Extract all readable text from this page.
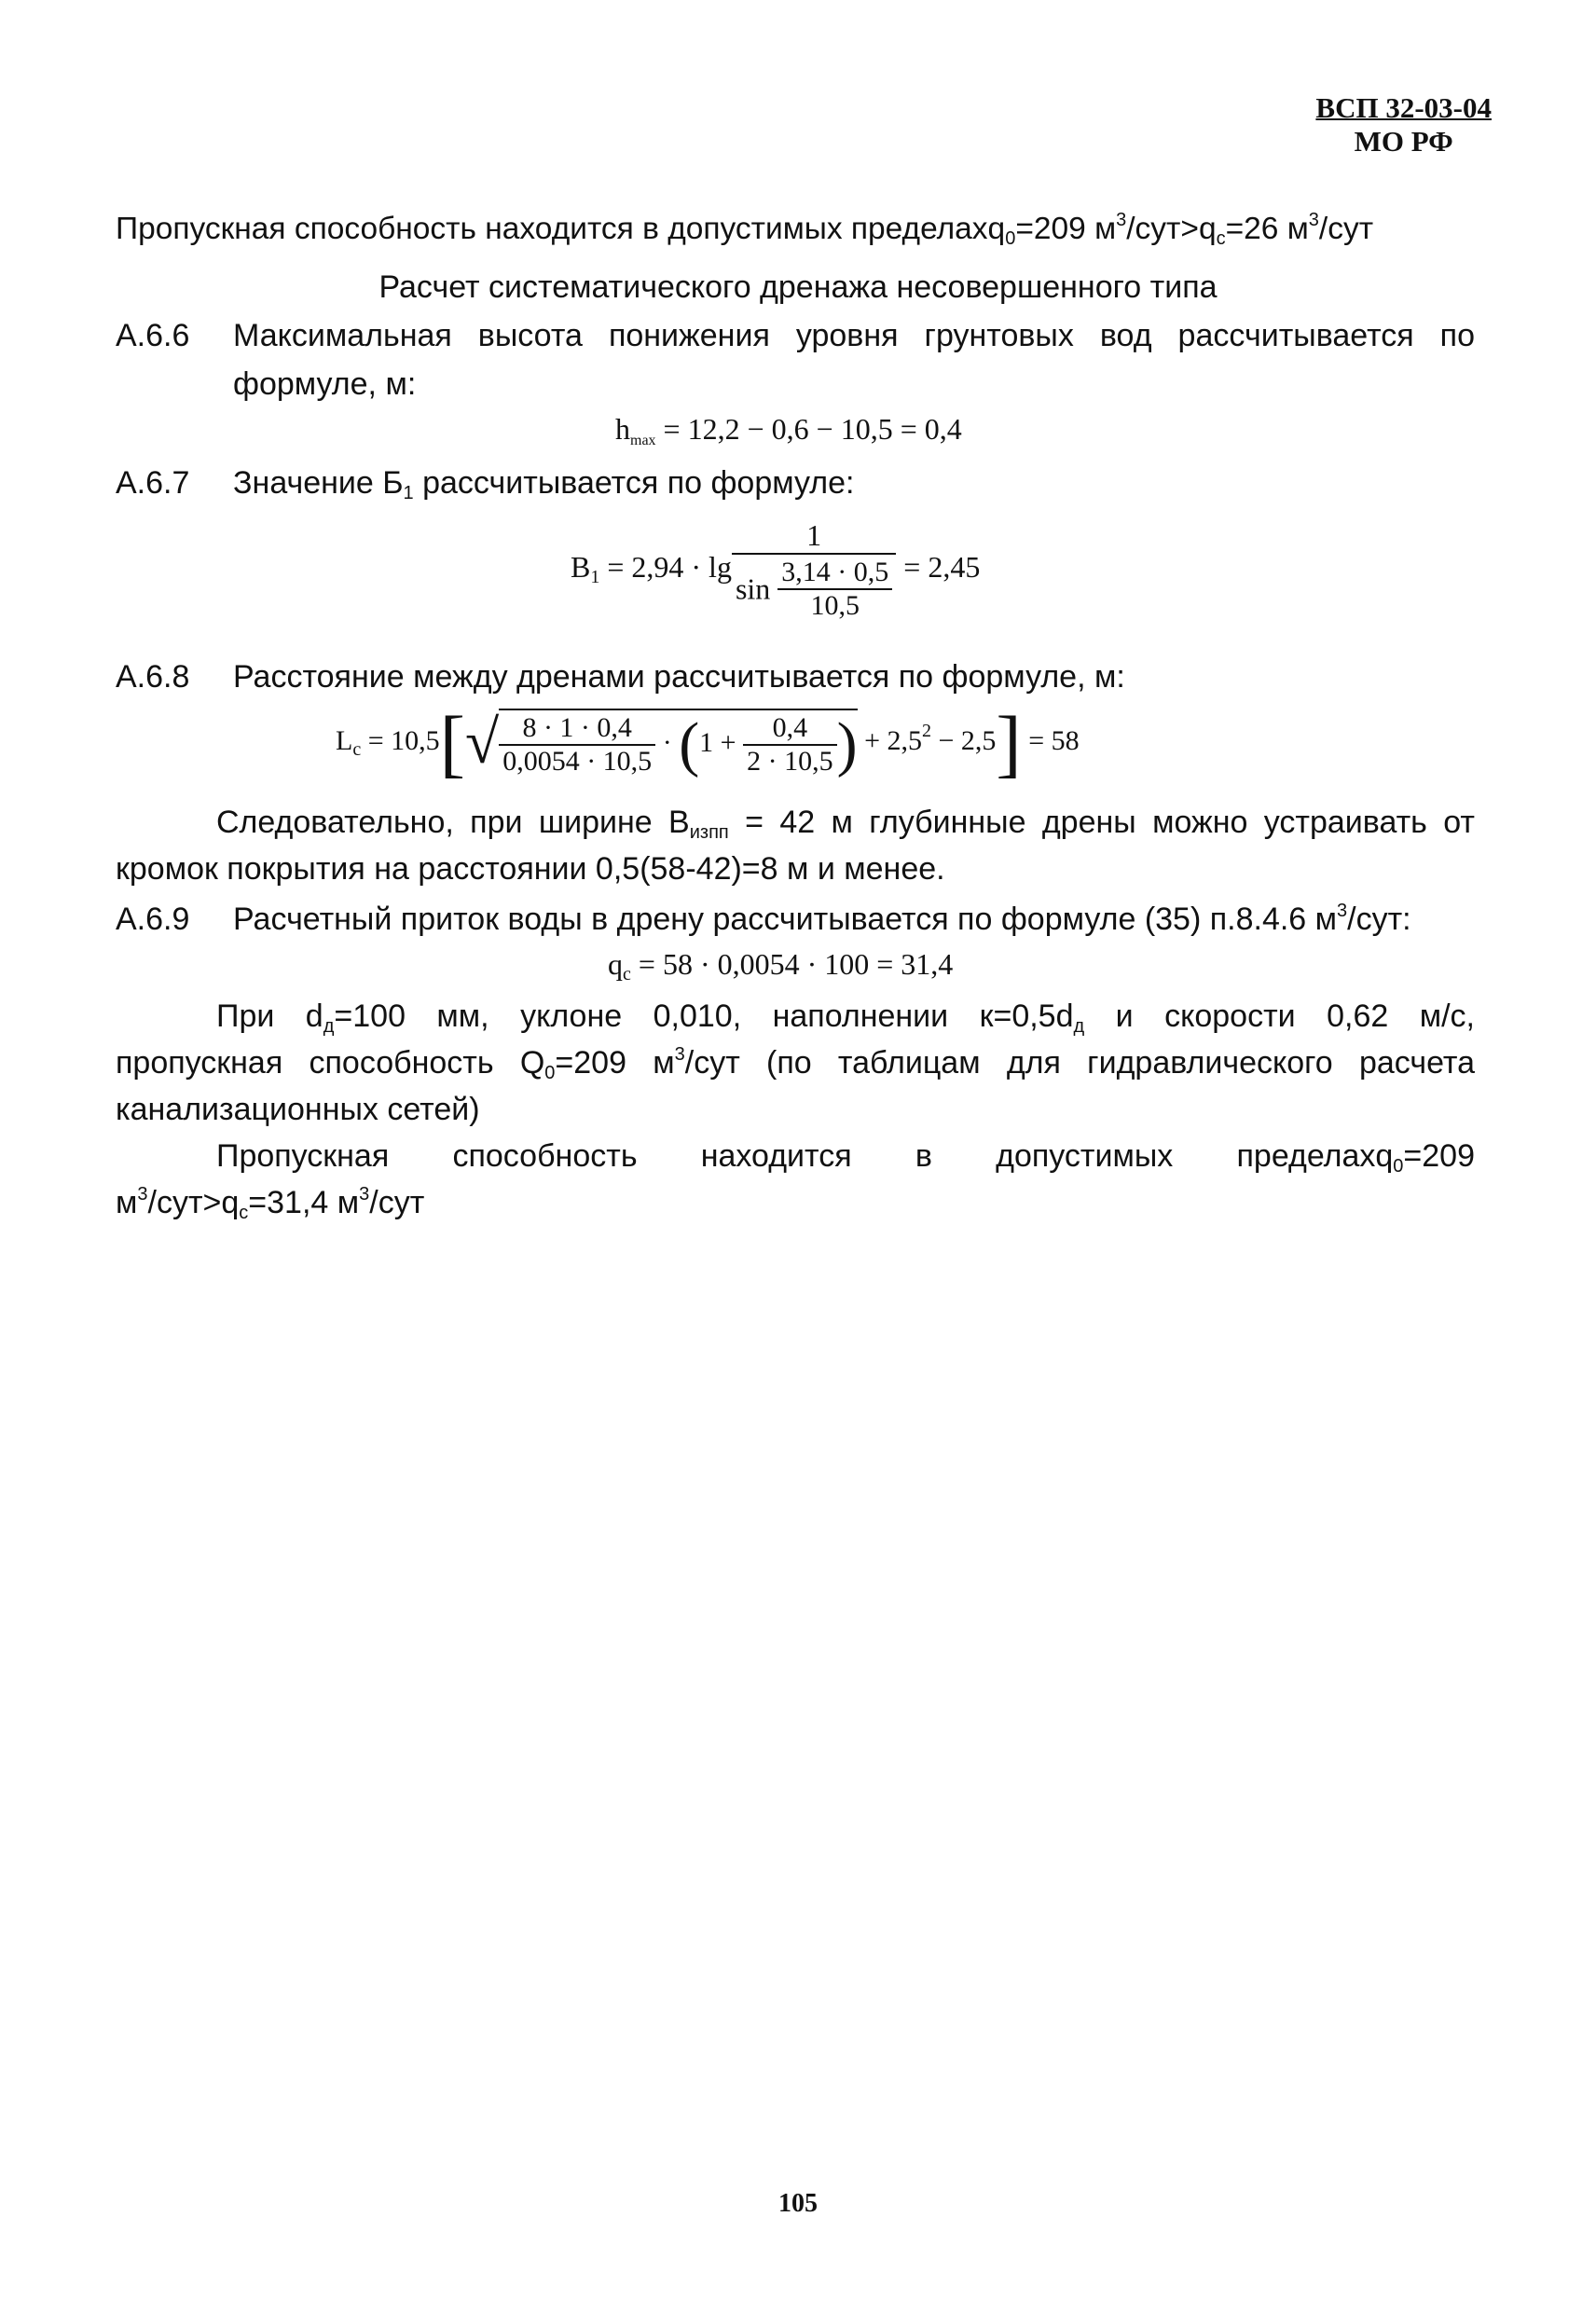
ВСП 32-03-04
МО РФ
Пропускная способность находится в допустимых пределахq$_0$=209 $м^3/сут>q_c=26$ $м^3$/сут
Расчет систематического дренажа несовершенного типа
А.6.6 Максимальная высота понижения уровня грунтовых вод рассчитывается по
формуле, м:
$h_{max} = 12,2 - 0,6 - 10,5 = 0,4$
А.6.7 Значение $Б_1$ рассчитывается по формуле:
$B_1 = 2,94 \cdot \lg \frac{1}{\sin \frac{3,14 \cdot 0,5}{10,5}} = 2,45$
А.6.8 Расстояние между дренами рассчитывается по формуле, м:
$L_c = 10,5[√ \frac{8 \cdot 1 \cdot 0,4}{0,0054 \cdot 10,5} \cdot (1 + \frac{0,4}{2 \cdot 10,5}$ ) + $2,5^2 - 2,5] = 58$
Следовательно, при ширине $В_{изпп} = 42$ м глубинные дрены можно устраивать от
кромок покрытия на расстоянии 0,5(58-42)=8 м и менее.
А.6.9 Расчетный приток воды в дрену рассчитывается по формуле (35) п.8.4.6 $м^3$/сут:
$q_c = 58 \cdot 0,0054 \cdot 100 = 31,4$
При $d_д=100$ мм, уклоне 0,010, наполнении $к=0,5d_д$ и скорости 0,62 м/с,
пропускная способность $Q_0=209$ $м^3$/сут (по таблицам для гидравлического расчета
канализационных сетей)
Пропускная способность находится в допустимых пределахq$_0$=209
$м^3/сут>q_c=31,4$ $м^3$/сут
105
